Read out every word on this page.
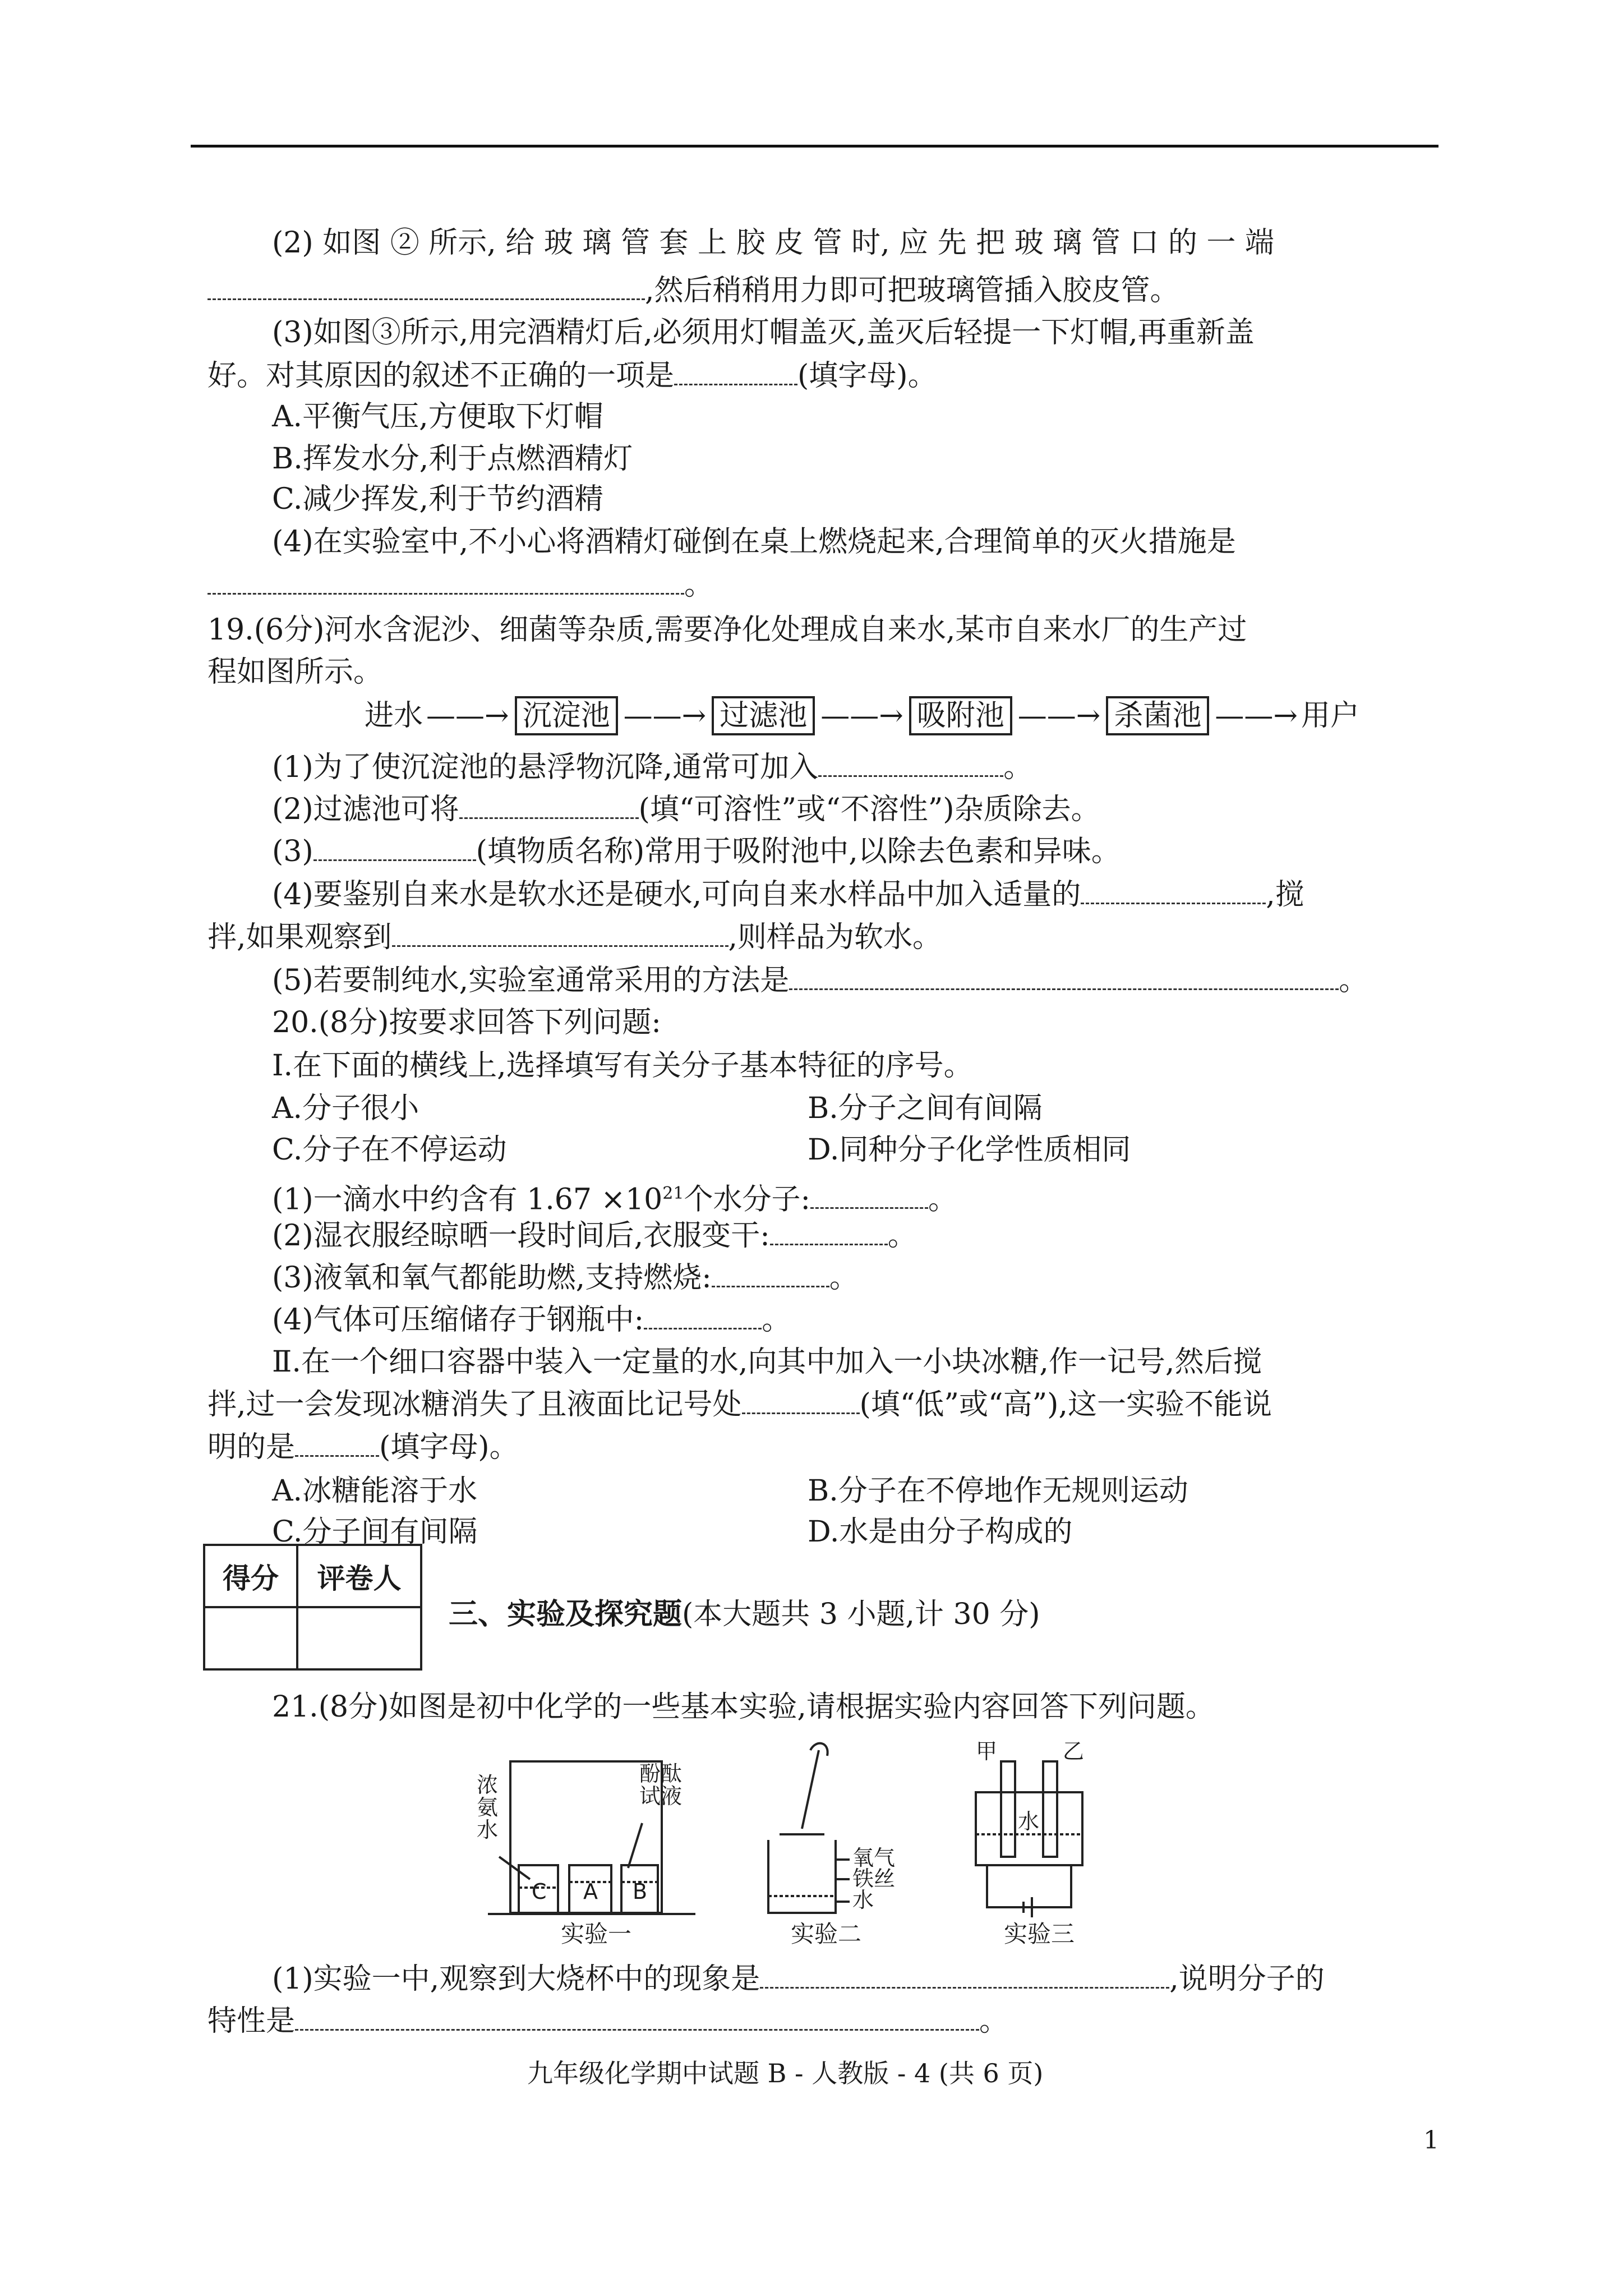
(2) 如图 ② 所示, 给 玻 璃 管 套 上 胶 皮 管 时, 应 先 把 玻 璃 管 口 的 一 端
,然后稍稍用力即可把玻璃管插入胶皮管。
(3)如图③所示,用完酒精灯后,必须用灯帽盖灭,盖灭后轻提一下灯帽,再重新盖
好。对其原因的叙述不正确的一项是	(填字母)。
A.平衡气压,方便取下灯帽
B.挥发水分,利于点燃酒精灯
C.减少挥发,利于节约酒精
(4)在实验室中,不小心将酒精灯碰倒在桌上燃烧起来,合理简单的灭火措施是
。
19.(6分)河水含泥沙、细菌等杂质,需要净化处理成自来水,某市自来水厂的生产过
程如图所示。
进水 ——→ 沉淀池 ——→ 过滤池 ——→ 吸附池 ——→ 杀菌池 ——→ 用户
(1)为了使沉淀池的悬浮物沉降,通常可加入	。
(2)过滤池可将	(填“可溶性”或“不溶性”)杂质除去。
(3)	(填物质名称)常用于吸附池中,以除去色素和异味。
(4)要鉴别自来水是软水还是硬水,可向自来水样品中加入适量的	,搅
拌,如果观察到	,则样品为软水。
(5)若要制纯水,实验室通常采用的方法是	。
20.(8分)按要求回答下列问题:
Ⅰ.在下面的横线上,选择填写有关分子基本特征的序号。
A.分子很小	B.分子之间有间隔
C.分子在不停运动	D.同种分子化学性质相同
(1)一滴水中约含有 $1.67 \times 10^{21}$个水分子:	。
(2)湿衣服经晾晒一段时间后,衣服变干:	。
(3)液氧和氧气都能助燃,支持燃烧:	。
(4)气体可压缩储存于钢瓶中:	。
Ⅱ.在一个细口容器中装入一定量的水,向其中加入一小块冰糖,作一记号,然后搅
拌,过一会发现冰糖消失了且液面比记号处	(填“低”或“高”),这一实验不能说
明的是	(填字母)。
A.冰糖能溶于水	B.分子在不停地作无规则运动
C.分子间有间隔	D.水是由分子构成的
得分	评卷人

三、实验及探究题(本大题共 3 小题,计 30 分)
21.(8分)如图是初中化学的一些基本实验,请根据实验内容回答下列问题。
浓
氨
水
酚酞
试液
C A B
氧气
铁丝
水
甲	乙
水
实验一	实验二	实验三
(1)实验一中,观察到大烧杯中的现象是	,说明分子的
特性是	。
九年级化学期中试题 B - 人教版 - 4 (共 6 页)
1
